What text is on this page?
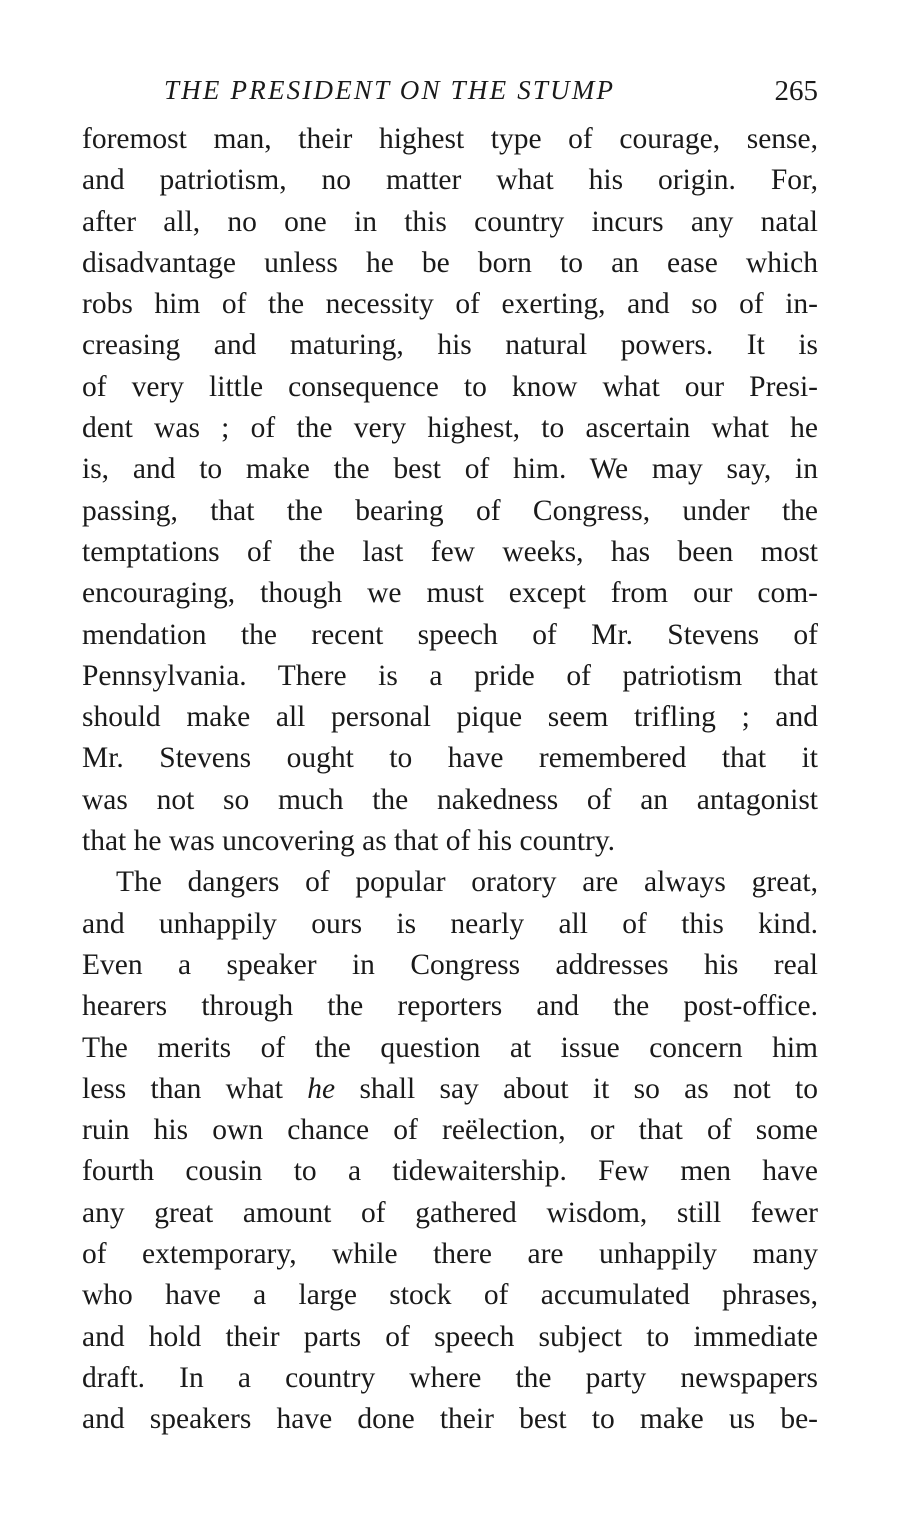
THE PRESIDENT ON THE STUMP	265

foremost man, their highest type of courage, sense,
and patriotism, no matter what his origin. For,
after all, no one in this country incurs any natal
disadvantage unless he be born to an ease which
robs him of the necessity of exerting, and so of in-
creasing and maturing, his natural powers. It is
of very little consequence to know what our Presi-
dent was ; of the very highest, to ascertain what he
is, and to make the best of him. We may say, in
passing, that the bearing of Congress, under the
temptations of the last few weeks, has been most
encouraging, though we must except from our com-
mendation the recent speech of Mr. Stevens of
Pennsylvania. There is a pride of patriotism that
should make all personal pique seem trifling ; and
Mr. Stevens ought to have remembered that it
was not so much the nakedness of an antagonist
that he was uncovering as that of his country.

The dangers of popular oratory are always great,
and unhappily ours is nearly all of this kind.
Even a speaker in Congress addresses his real
hearers through the reporters and the post-office.
The merits of the question at issue concern him
less than what he shall say about it so as not to
ruin his own chance of reëlection, or that of some
fourth cousin to a tidewaitership. Few men have
any great amount of gathered wisdom, still fewer
of extemporary, while there are unhappily many
who have a large stock of accumulated phrases,
and hold their parts of speech subject to immediate
draft. In a country where the party newspapers
and speakers have done their best to make us be-
